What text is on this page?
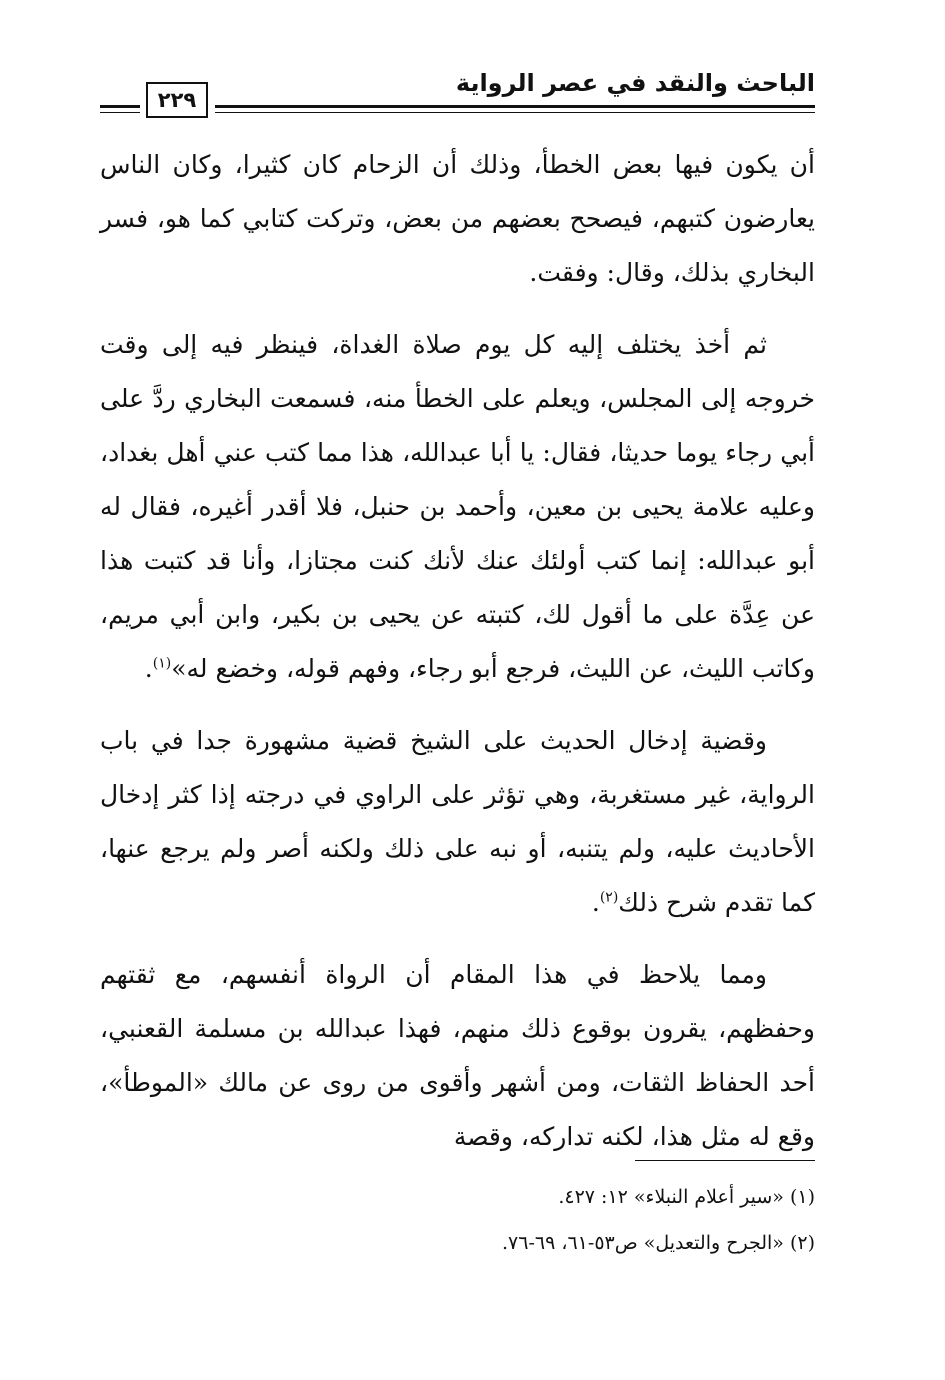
الباحث والنقد في عصر الرواية
٢٢٩

أن يكون فيها بعض الخطأ، وذلك أن الزحام كان كثيرا، وكان الناس يعارضون كتبهم، فيصحح بعضهم من بعض، وتركت كتابي كما هو، فسر البخاري بذلك، وقال: وفقت.

ثم أخذ يختلف إليه كل يوم صلاة الغداة، فينظر فيه إلى وقت خروجه إلى المجلس، ويعلم على الخطأ منه، فسمعت البخاري ردَّ على أبي رجاء يوما حديثا، فقال: يا أبا عبدالله، هذا مما كتب عني أهل بغداد، وعليه علامة يحيى بن معين، وأحمد بن حنبل، فلا أقدر أغيره، فقال له أبو عبدالله: إنما كتب أولئك عنك لأنك كنت مجتازا، وأنا قد كتبت هذا عن عِدَّة على ما أقول لك، كتبته عن يحيى بن بكير، وابن أبي مريم، وكاتب الليث، عن الليث، فرجع أبو رجاء، وفهم قوله، وخضع له»$^{(١)}$.

وقضية إدخال الحديث على الشيخ قضية مشهورة جدا في باب الرواية، غير مستغربة، وهي تؤثر على الراوي في درجته إذا كثر إدخال الأحاديث عليه، ولم يتنبه، أو نبه على ذلك ولكنه أصر ولم يرجع عنها، كما تقدم شرح ذلك$^{(٢)}$.

ومما يلاحظ في هذا المقام أن الرواة أنفسهم، مع ثقتهم وحفظهم، يقرون بوقوع ذلك منهم، فهذا عبدالله بن مسلمة القعنبي، أحد الحفاظ الثقات، ومن أشهر وأقوى من روى عن مالك «الموطأ»، وقع له مثل هذا، لكنه تداركه، وقصة

(١) «سير أعلام النبلاء» ١٢: ٤٢٧.

(٢) «الجرح والتعديل» ص٥٣-٦١، ٦٩-٧٦.
